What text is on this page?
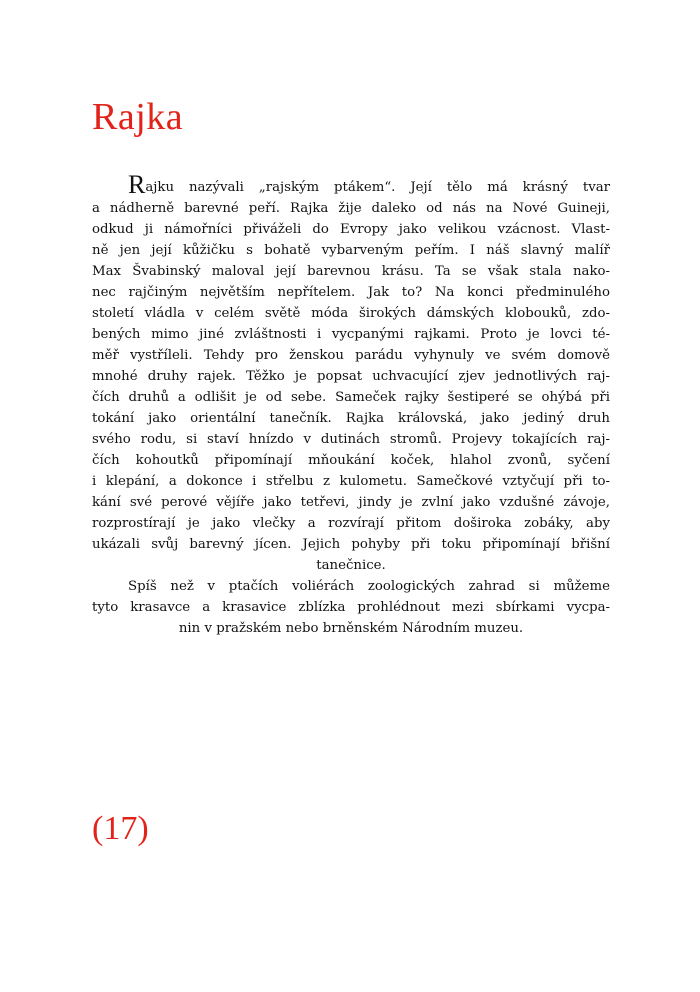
Rajka
Rajku nazývali „rajským ptákem“. Její tělo má krásný tvar
a nádherně barevné peří. Rajka žije daleko od nás na Nové Guineji,
odkud ji námořníci přiváželi do Evropy jako velikou vzácnost. Vlast-
ně jen její kůžičku s bohatě vybarveným peřím. I náš slavný malíř
Max Švabinský maloval její barevnou krásu. Ta se však stala nako-
nec rajčiným největším nepřítelem. Jak to? Na konci předminulého
století vládla v celém světě móda širokých dámských klobouků, zdo-
bených mimo jiné zvláštnosti i vycpanými rajkami. Proto je lovci té-
měř vystříleli. Tehdy pro ženskou parádu vyhynuly ve svém domově
mnohé druhy rajek. Těžko je popsat uchvacující zjev jednotlivých raj-
čích druhů a odlišit je od sebe. Sameček rajky šestiperé se ohýbá při
tokání jako orientální tanečník. Rajka královská, jako jediný druh
svého rodu, si staví hnízdo v dutinách stromů. Projevy tokajících raj-
čích kohoutků připomínají mňoukání koček, hlahol zvonů, syčení
i klepání, a dokonce i střelbu z kulometu. Samečkové vztyčují při to-
kání své perové vějíře jako tetřevi, jindy je zvlní jako vzdušné závoje,
rozprostírají je jako vlečky a rozvírají přitom doširoka zobáky, aby
ukázali svůj barevný jícen. Jejich pohyby při toku připomínají břišní
tanečnice.
Spíš než v ptačích voliérách zoologických zahrad si můžeme
tyto krasavce a krasavice zblízka prohlédnout mezi sbírkami vycpa-
nin v pražském nebo brněnském Národním muzeu.
(17)
